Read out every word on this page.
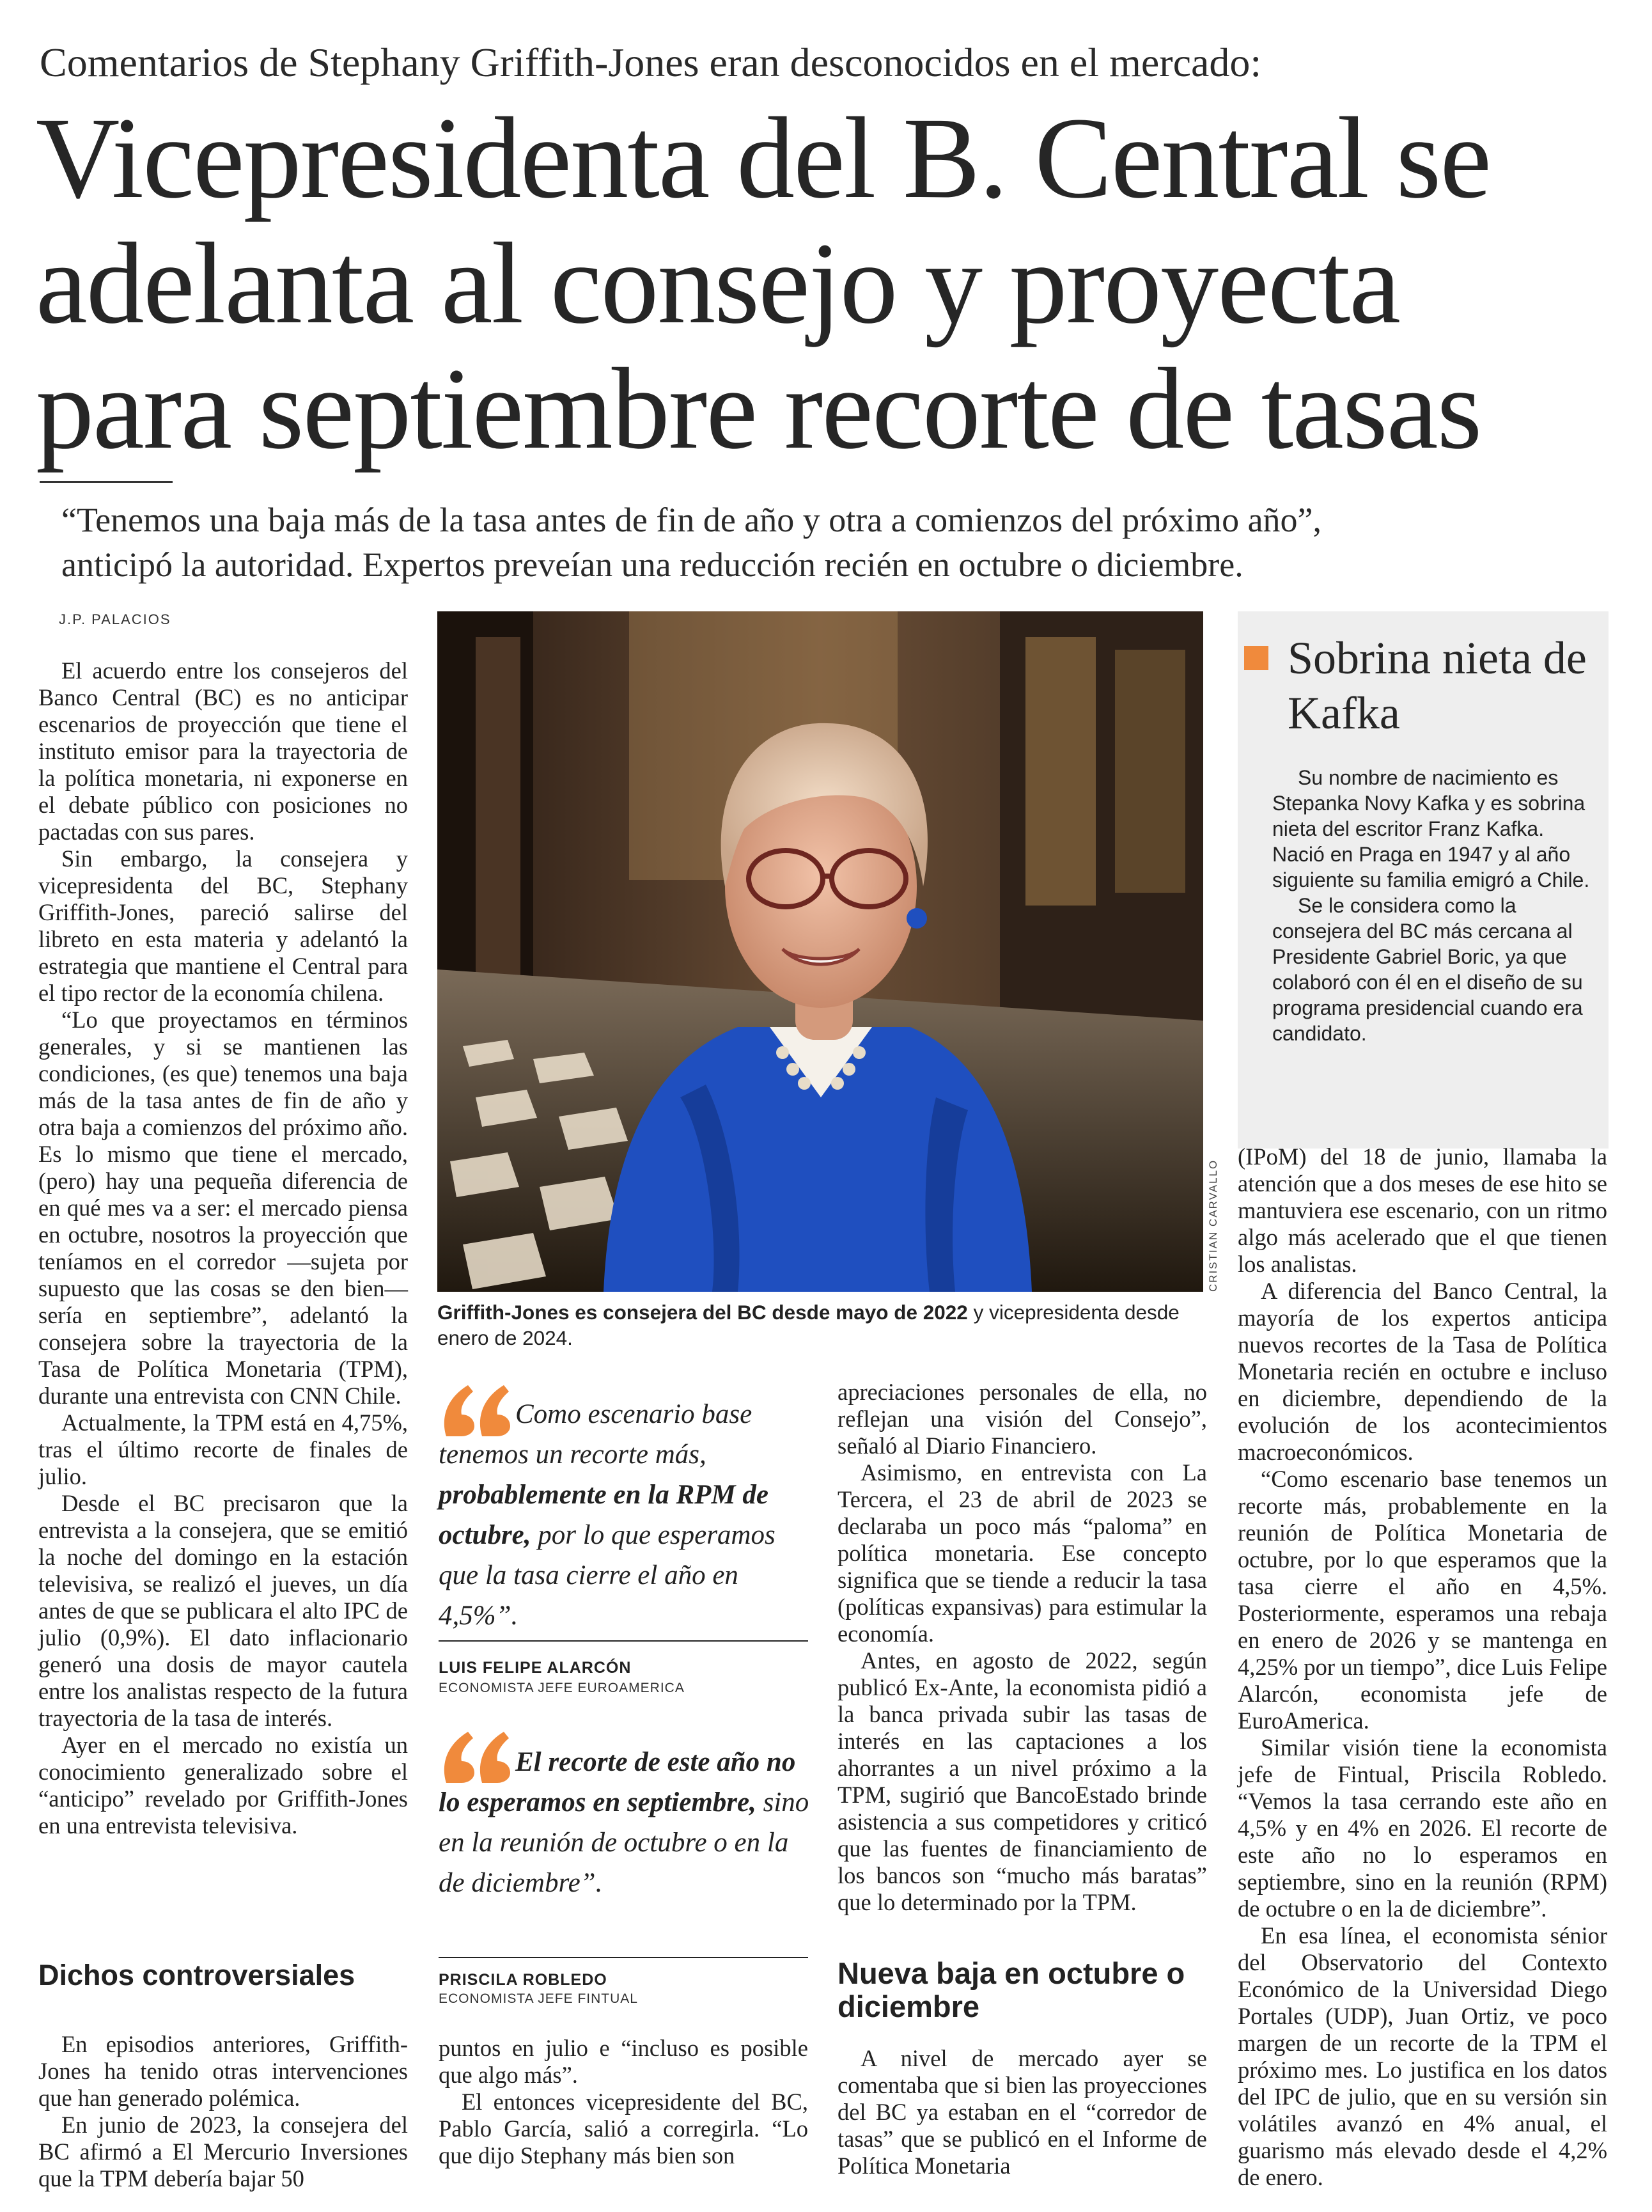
Comentarios de Stephany Griffith-Jones eran desconocidos en el mercado:
Vicepresidenta del B. Central se
adelanta al consejo y proyecta
para septiembre recorte de tasas
“Tenemos una baja más de la tasa antes de fin de año y otra a comienzos del próximo año”,
anticipó la autoridad. Expertos preveían una reducción recién en octubre o diciembre.
J.P. PALACIOS

El acuerdo entre los consejeros del Banco Central (BC) es no anticipar escenarios de proyección que tiene el instituto emisor para la trayectoria de la política monetaria, ni exponerse en el debate público con posiciones no pactadas con sus pares.

Sin embargo, la consejera y vicepresidenta del BC, Stephany Griffith-Jones, pareció salirse del libreto en esta materia y adelantó la estrategia que mantiene el Central para el tipo rector de la economía chilena.

“Lo que proyectamos en términos generales, y si se mantienen las condiciones, (es que) tenemos una baja más de la tasa antes de fin de año y otra baja a comienzos del próximo año. Es lo mismo que tiene el mercado, (pero) hay una pequeña diferencia de en qué mes va a ser: el mercado piensa en octubre, nosotros la proyección que teníamos en el corredor —sujeta por supuesto que las cosas se den bien— sería en septiembre”, adelantó la consejera sobre la trayectoria de la Tasa de Política Monetaria (TPM), durante una entrevista con CNN Chile.

Actualmente, la TPM está en 4,75%, tras el último recorte de finales de julio.

Desde el BC precisaron que la entrevista a la consejera, que se emitió la noche del domingo en la estación televisiva, se realizó el jueves, un día antes de que se publicara el alto IPC de julio (0,9%). El dato inflacionario generó una dosis de mayor cautela entre los analistas respecto de la futura trayectoria de la tasa de interés.

Ayer en el mercado no existía un conocimiento generalizado sobre el “anticipo” revelado por Griffith-Jones en una entrevista televisiva.

Dichos controversiales

En episodios anteriores, Griffith-Jones ha tenido otras intervenciones que han generado polémica.

En junio de 2023, la consejera del BC afirmó a El Mercurio Inversiones que la TPM debería bajar 50

CRISTIAN CARVALLO
Griffith-Jones es consejera del BC desde mayo de 2022 y vicepresidenta desde enero de 2024.
Sobrina nieta de Kafka

Su nombre de nacimiento es Stepanka Novy Kafka y es sobrina nieta del escritor Franz Kafka. Nació en Praga en 1947 y al año siguiente su familia emigró a Chile.

Se le considera como la consejera del BC más cercana al Presidente Gabriel Boric, ya que colaboró con él en el diseño de su programa presidencial cuando era candidato.

Como escenario base tenemos un recorte más, probablemente en la RPM de octubre, por lo que esperamos que la tasa cierre el año en 4,5%”.
LUIS FELIPE ALARCÓN
ECONOMISTA JEFE EUROAMERICA
El recorte de este año no lo esperamos en septiembre, sino en la reunión de octubre o en la de diciembre”.
PRISCILA ROBLEDO
ECONOMISTA JEFE FINTUAL

puntos en julio e “incluso es posible que algo más”.

El entonces vicepresidente del BC, Pablo García, salió a corregirla. “Lo que dijo Stephany más bien son

apreciaciones personales de ella, no reflejan una visión del Consejo”, señaló al Diario Financiero.

Asimismo, en entrevista con La Tercera, el 23 de abril de 2023 se declaraba un poco más “paloma” en política monetaria. Ese concepto significa que se tiende a reducir la tasa (políticas expansivas) para estimular la economía.

Antes, en agosto de 2022, según publicó Ex-Ante, la economista pidió a la banca privada subir las tasas de interés en las captaciones a los ahorrantes a un nivel próximo a la TPM, sugirió que BancoEstado brinde asistencia a sus competidores y criticó que las fuentes de financiamiento de los bancos son “mucho más baratas” que lo determinado por la TPM.

Nueva baja en octubre o diciembre

A nivel de mercado ayer se comentaba que si bien las proyecciones del BC ya estaban en el “corredor de tasas” que se publicó en el Informe de Política Monetaria

(IPoM) del 18 de junio, llamaba la atención que a dos meses de ese hito se mantuviera ese escenario, con un ritmo algo más acelerado que el que tienen los analistas.

A diferencia del Banco Central, la mayoría de los expertos anticipa nuevos recortes de la Tasa de Política Monetaria recién en octubre e incluso en diciembre, dependiendo de la evolución de los acontecimientos macroeconómicos.

“Como escenario base tenemos un recorte más, probablemente en la reunión de Política Monetaria de octubre, por lo que esperamos que la tasa cierre el año en 4,5%. Posteriormente, esperamos una rebaja en enero de 2026 y se mantenga en 4,25% por un tiempo”, dice Luis Felipe Alarcón, economista jefe de EuroAmerica.

Similar visión tiene la economista jefe de Fintual, Priscila Robledo. “Vemos la tasa cerrando este año en 4,5% y en 4% en 2026. El recorte de este año no lo esperamos en septiembre, sino en la reunión (RPM) de octubre o en la de diciembre”.

En esa línea, el economista sénior del Observatorio del Contexto Económico de la Universidad Diego Portales (UDP), Juan Ortiz, ve poco margen de un recorte de la TPM el próximo mes. Lo justifica en los datos del IPC de julio, que en su versión sin volátiles avanzó en 4% anual, el guarismo más elevado desde el 4,2% de enero.
